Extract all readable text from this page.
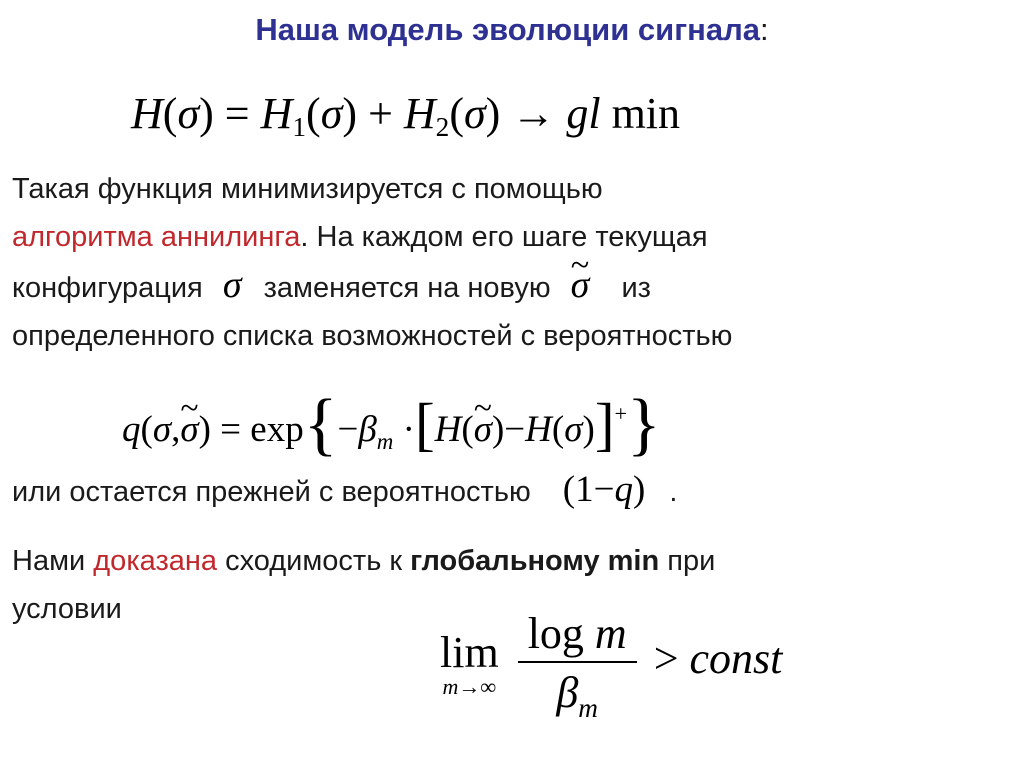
Наша модель эволюции сигнала:
H(σ) = H1(σ) + H2(σ) → gl min
Такая функция минимизируется с помощью
алгоритма аннилинга. На каждом его шаге текущая
конфигурация σ заменяется на новую ~ σ из
определенного списка возможностей с вероятностью
q(σ,~ $\sigma) = \exp\{-\beta_m$ ·[H(~ σ)−H(σ)]+}
или остается прежней с вероятностью (1−q) .
Нами доказана сходимость к глобальному min при
условии
lim
m→∞
$\frac{\text{log m}}{\beta_m}$ > const
